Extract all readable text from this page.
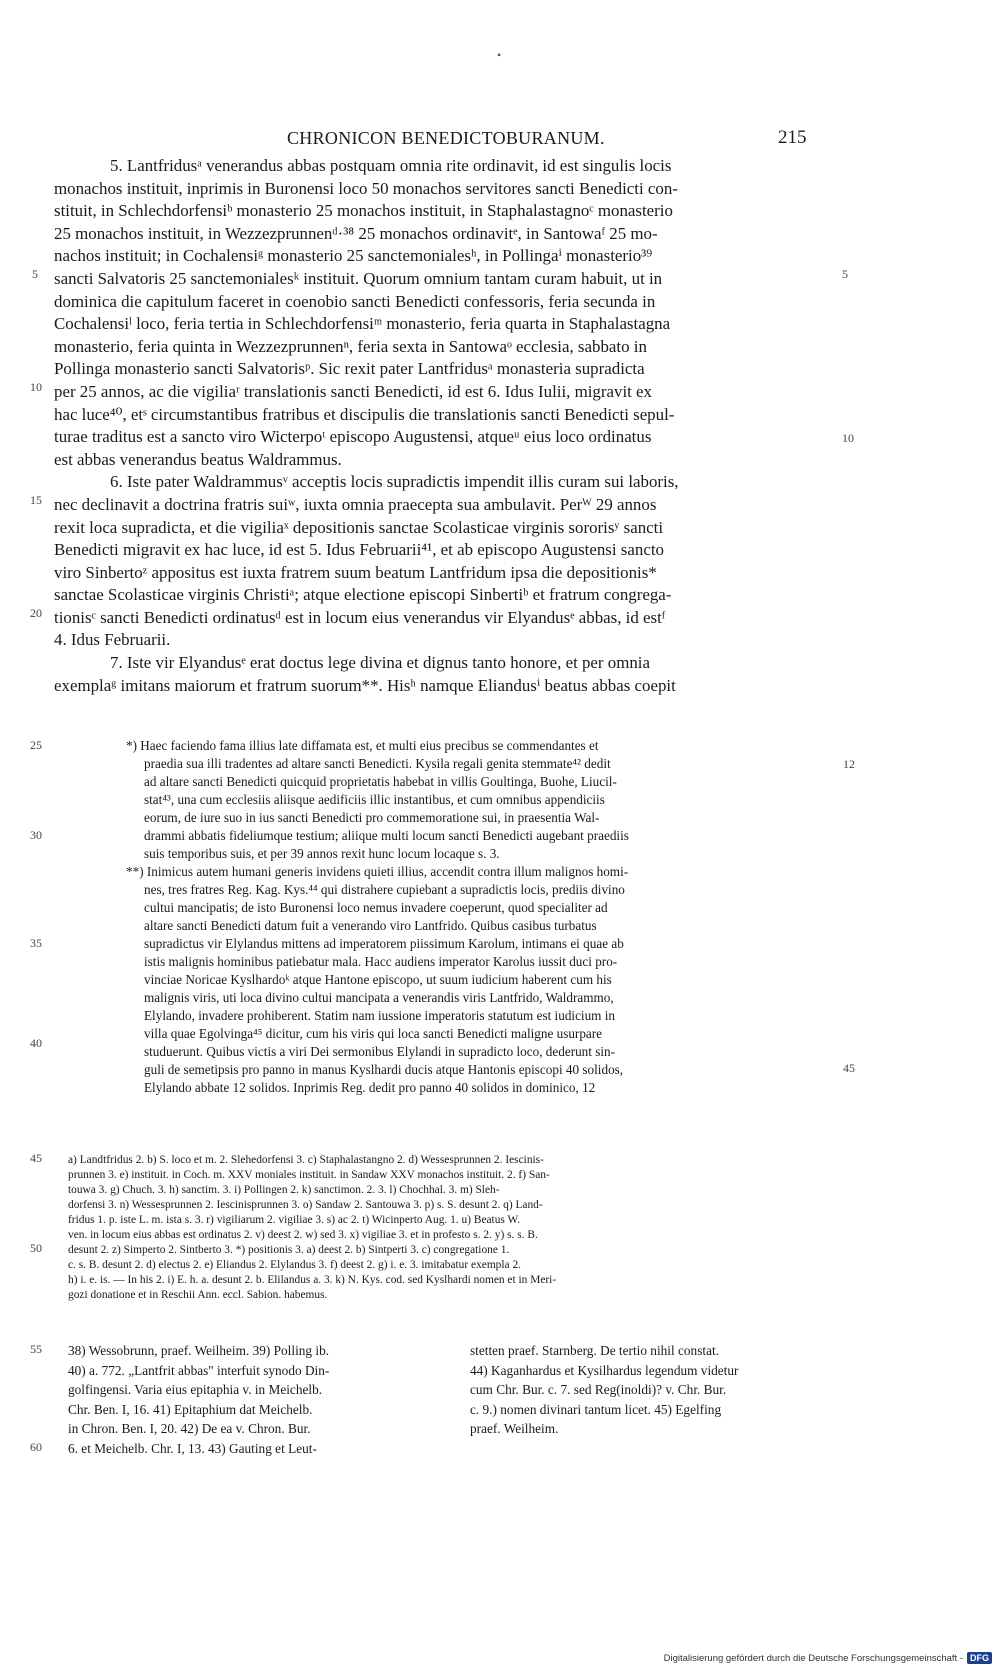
•
CHRONICON BENEDICTOBURANUM.	215
5. Lantfridusᵃ venerandus abbas postquam omnia rite ordinavit, id est singulis locis
monachos instituit, inprimis in Buronensi loco 50 monachos servitores sancti Benedicti con-
stituit, in Schlechdorfensiᵇ monasterio 25 monachos instituit, in Staphalastagnoᶜ monasterio
25 monachos instituit, in Wezzezprunnenᵈ·³⁸ 25 monachos ordinavitᵉ, in Santowaᶠ 25 mo-
nachos instituit; in Cochalensiᵍ monasterio 25 sanctemonialesʰ, in Pollingaⁱ monasterio³⁹
sancti Salvatoris 25 sanctemonialesᵏ instituit. Quorum omnium tantam curam habuit, ut in
dominica die capitulum faceret in coenobio sancti Benedicti confessoris, feria secunda in
Cochalensiˡ loco, feria tertia in Schlechdorfensiᵐ monasterio, feria quarta in Staphalastagna
monasterio, feria quinta in Wezzezprunnenⁿ, feria sexta in Santowaᵒ ecclesia, sabbato in
Pollinga monasterio sancti Salvatorisᵖ. Sic rexit pater Lantfridusᵃ monasteria supradicta
per 25 annos, ac die vigiliaʳ translationis sancti Benedicti, id est 6. Idus Iulii, migravit ex
hac luce⁴⁰, etˢ circumstantibus fratribus et discipulis die translationis sancti Benedicti sepul-
turae traditus est a sancto viro Wicterpoᵗ episcopo Augustensi, atqueᵘ eius loco ordinatus
est abbas venerandus beatus Waldrammus.
6. Iste pater Waldrammusᵛ acceptis locis supradictis impendit illis curam sui laboris,
nec declinavit a doctrina fratris suiʷ, iuxta omnia praecepta sua ambulavit. Perᵂ 29 annos
rexit loca supradicta, et die vigiliaˣ depositionis sanctae Scolasticae virginis sororisʸ sancti
Benedicti migravit ex hac luce, id est 5. Idus Februarii⁴¹, et ab episcopo Augustensi sancto
viro Sinbertoᶻ appositus est iuxta fratrem suum beatum Lantfridum ipsa die depositionis*
sanctae Scolasticae virginis Christiᵃ; atque electione episcopi Sinbertiᵇ et fratrum congrega-
tionisᶜ sancti Benedicti ordinatusᵈ est in locum eius venerandus vir Elyandusᵉ abbas, id estᶠ
4. Idus Februarii.
7. Iste vir Elyandusᵉ erat doctus lege divina et dignus tanto honore, et per omnia
exemplaᵍ imitans maiorum et fratrum suorum**. Hisʰ namque Eliandusⁱ beatus abbas coepit
5
10
15
20
5
10
*) Haec faciendo fama illius late diffamata est, et multi eius precibus se commendantes et
praedia sua illi tradentes ad altare sancti Benedicti. Kysila regali genita stemmate⁴² dedit
ad altare sancti Benedicti quicquid proprietatis habebat in villis Goultinga, Buohe, Liucil-
stat⁴³, una cum ecclesiis aliisque aedificiis illic instantibus, et cum omnibus appendiciis
eorum, de iure suo in ius sancti Benedicti pro commemoratione sui, in praesentia Wal-
drammi abbatis fideliumque testium; aliique multi locum sancti Benedicti augebant praediis
suis temporibus suis, et per 39 annos rexit hunc locum locaque s. 3.
**) Inimicus autem humani generis invidens quieti illius, accendit contra illum malignos homi-
nes, tres fratres Reg. Kag. Kys.⁴⁴ qui distrahere cupiebant a supradictis locis, prediis divino
cultui mancipatis; de isto Buronensi loco nemus invadere coeperunt, quod specialiter ad
altare sancti Benedicti datum fuit a venerando viro Lantfrido. Quibus casibus turbatus
supradictus vir Elylandus mittens ad imperatorem piissimum Karolum, intimans ei quae ab
istis malignis hominibus patiebatur mala. Hacc audiens imperator Karolus iussit duci pro-
vinciae Noricae Kyslhardoᵏ atque Hantone episcopo, ut suum iudicium haberent cum his
malignis viris, uti loca divino cultui mancipata a venerandis viris Lantfrido, Waldrammo,
Elylando, invadere prohiberent. Statim nam iussione imperatoris statutum est iudicium in
villa quae Egolvinga⁴⁵ dicitur, cum his viris qui loca sancti Benedicti maligne usurpare
studuerunt. Quibus victis a viri Dei sermonibus Elylandi in supradicto loco, dederunt sin-
guli de semetipsis pro panno in manus Kyslhardi ducis atque Hantonis episcopi 40 solidos,
Elylando abbate 12 solidos. Inprimis Reg. dedit pro panno 40 solidos in dominico, 12
25
30
35
40
12
45
a) Landtfridus 2. b) S. loco et m. 2. Slehedorfensi 3. c) Staphalastangno 2. d) Wessesprunnen 2. Iescinis-
prunnen 3. e) instituit. in Coch. m. XXV moniales instituit. in Sandaw XXV monachos instituit. 2. f) San-
touwa 3. g) Chuch. 3. h) sanctim. 3. i) Pollingen 2. k) sanctimon. 2. 3. l) Chochhal. 3. m) Sleh-
dorfensi 3. n) Wessesprunnen 2. Iescinisprunnen 3. o) Sandaw 2. Santouwa 3. p) s. S. desunt 2. q) Land-
fridus 1. p. iste L. m. ista s. 3. r) vigiliarum 2. vigiliae 3. s) ac 2. t) Wicinperto Aug. 1. u) Beatus W.
ven. in locum eius abbas est ordinatus 2. v) deest 2. w) sed 3. x) vigiliae 3. et in profesto s. 2. y) s. s. B.
desunt 2. z) Simperto 2. Sintberto 3. *) positionis 3. a) deest 2. b) Sintperti 3. c) congregatione 1.
c. s. B. desunt 2. d) electus 2. e) Eliandus 2. Elylandus 3. f) deest 2. g) i. e. 3. imitabatur exempla 2.
h) i. e. is. — In his 2. i) E. h. a. desunt 2. b. Elilandus a. 3. k) N. Kys. cod. sed Kyslhardi nomen et in Meri-
gozi donatione et in Reschii Ann. eccl. Sabion. habemus.
45
50
38) Wessobrunn, praef. Weilheim. 39) Polling ib.
40) a. 772. „Lantfrit abbas" interfuit synodo Din-
golfingensi. Varia eius epitaphia v. in Meichelb.
Chr. Ben. I, 16. 41) Epitaphium dat Meichelb.
in Chron. Ben. I, 20. 42) De ea v. Chron. Bur.
6. et Meichelb. Chr. I, 13. 43) Gauting et Leut-
stetten praef. Starnberg. De tertio nihil constat.
44) Kaganhardus et Kysilhardus legendum videtur
cum Chr. Bur. c. 7. sed Reg(inoldi)? v. Chr. Bur.
c. 9.) nomen divinari tantum licet. 45) Egelfing
praef. Weilheim.
55
60
Digitalisierung gefördert durch die Deutsche Forschungsgemeinschaft - DFG
